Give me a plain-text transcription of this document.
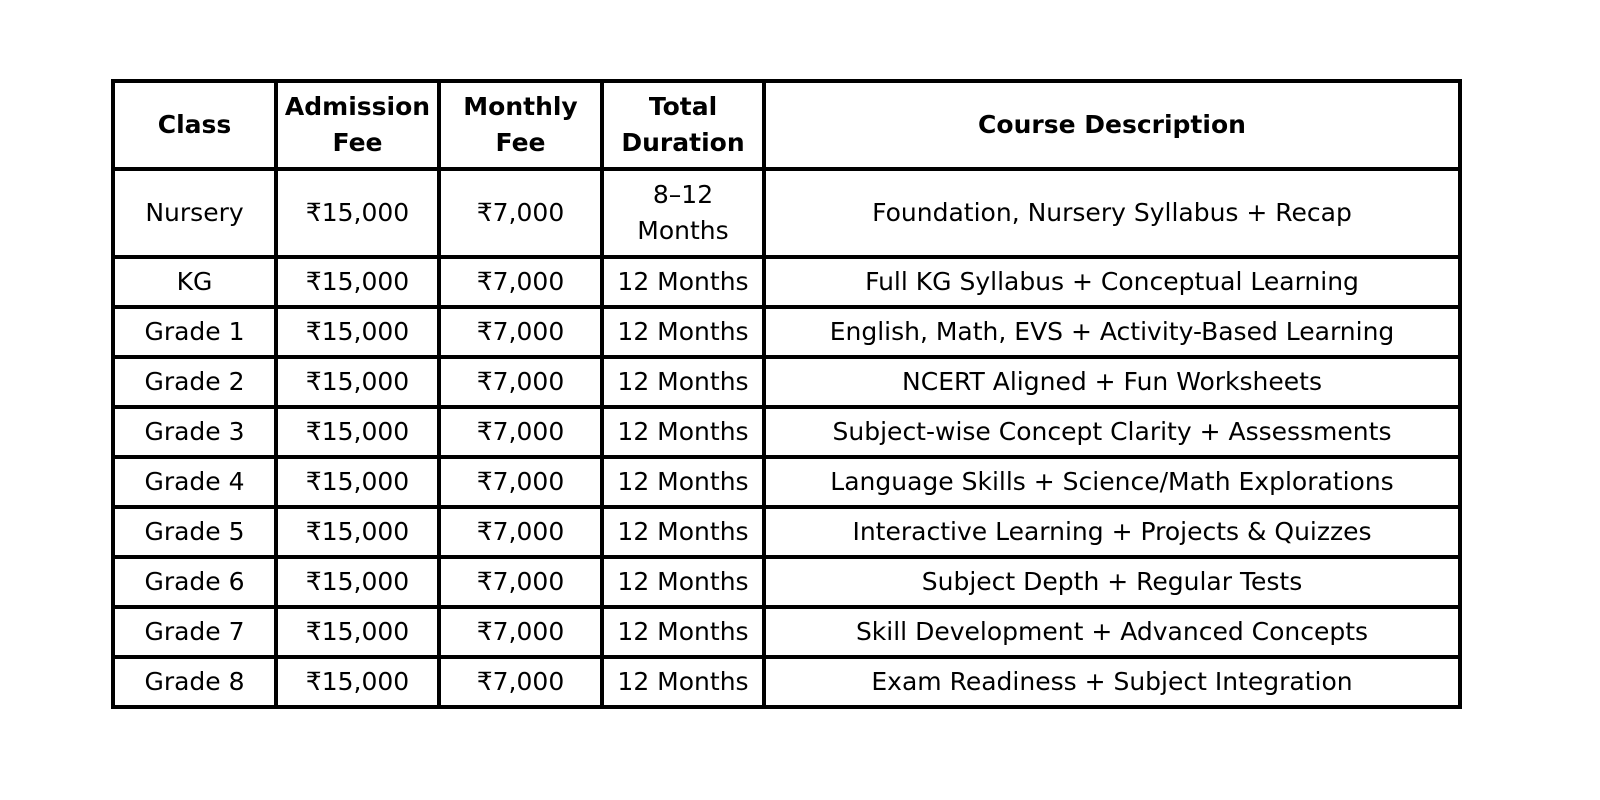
Class	Admission Fee	Monthly Fee	Total Duration	Course Description
Nursery	₹15,000	₹7,000	8–12 Months	Foundation, Nursery Syllabus + Recap
KG	₹15,000	₹7,000	12 Months	Full KG Syllabus + Conceptual Learning
Grade 1	₹15,000	₹7,000	12 Months	English, Math, EVS + Activity-Based Learning
Grade 2	₹15,000	₹7,000	12 Months	NCERT Aligned + Fun Worksheets
Grade 3	₹15,000	₹7,000	12 Months	Subject-wise Concept Clarity + Assessments
Grade 4	₹15,000	₹7,000	12 Months	Language Skills + Science/Math Explorations
Grade 5	₹15,000	₹7,000	12 Months	Interactive Learning + Projects & Quizzes
Grade 6	₹15,000	₹7,000	12 Months	Subject Depth + Regular Tests
Grade 7	₹15,000	₹7,000	12 Months	Skill Development + Advanced Concepts
Grade 8	₹15,000	₹7,000	12 Months	Exam Readiness + Subject Integration
